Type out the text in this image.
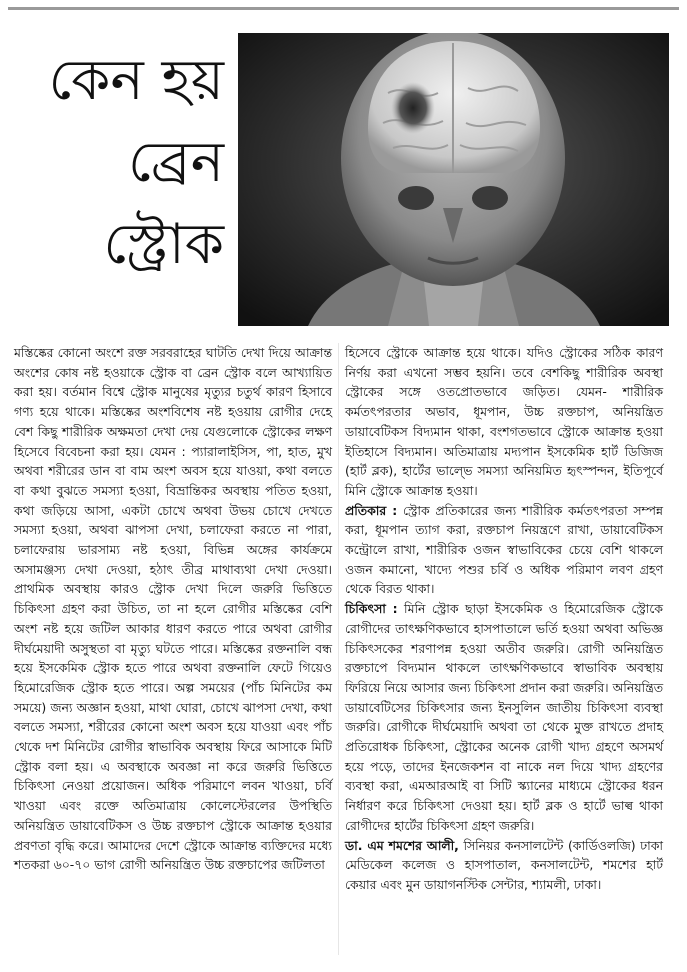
কেন হয়
ব্রেন
স্ট্রোক

মস্তিষ্কের কোনো অংশে রক্ত সরবরাহের ঘাটতি দেখা দিয়ে আক্রান্ত অংশের কোষ নষ্ট হওয়াকে স্ট্রোক বা ব্রেন স্ট্রোক বলে আখ্যায়িত করা হয়। বর্তমান বিশ্বে স্ট্রোক মানুষের মৃত্যুর চতুর্থ কারণ হিসাবে গণ্য হয়ে থাকে। মস্তিষ্কের অংশবিশেষ নষ্ট হওয়ায় রোগীর দেহে বেশ কিছু শারীরিক অক্ষমতা দেখা দেয় যেগুলোকে স্ট্রোকের লক্ষণ হিসেবে বিবেচনা করা হয়। যেমন : প্যারালাইসিস, পা, হাত, মুখ অথবা শরীরের ডান বা বাম অংশ অবস হয়ে যাওয়া, কথা বলতে বা কথা বুঝতে সমস্যা হওয়া, বিভ্রান্তিকর অবস্থায় পতিত হওয়া, কথা জড়িয়ে আসা, একটা চোখে অথবা উভয় চোখে দেখতে সমস্যা হওয়া, অথবা ঝাপসা দেখা, চলাফেরা করতে না পারা, চলাফেরায় ভারসাম্য নষ্ট হওয়া, বিভিন্ন অঙ্গের কার্যক্রমে অসামঞ্জস্য দেখা দেওয়া, হঠাৎ তীব্র মাথাব্যথা দেখা দেওয়া। প্রাথমিক অবস্থায় কারও স্ট্রোক দেখা দিলে জরুরি ভিত্তিতে চিকিৎসা গ্রহণ করা উচিত, তা না হলে রোগীর মস্তিষ্কের বেশি অংশ নষ্ট হয়ে জটিল আকার ধারণ করতে পারে অথবা রোগীর দীর্ঘমেয়াদী অসুস্থতা বা মৃত্যু ঘটতে পারে। মস্তিষ্কের রক্তনালি বন্ধ হয়ে ইসকেমিক স্ট্রোক হতে পারে অথবা রক্তনালি ফেটে গিয়েও হিমোরেজিক স্ট্রোক হতে পারে। অল্প সময়ের (পাঁচ মিনিটের কম সময়ে) জন্য অজ্ঞান হওয়া, মাথা ঘোরা, চোখে ঝাপসা দেখা, কথা বলতে সমস্যা, শরীরের কোনো অংশ অবস হয়ে যাওয়া এবং পাঁচ থেকে দশ মিনিটের রোগীর স্বাভাবিক অবস্থায় ফিরে আসাকে মিটি স্ট্রোক বলা হয়। এ অবস্থাকে অবজ্ঞা না করে জরুরি ভিত্তিতে চিকিৎসা নেওয়া প্রয়োজন। অধিক পরিমাণে লবন খাওয়া, চর্বি খাওয়া এবং রক্তে অতিমাত্রায় কোলেস্টেরলের উপস্থিতি অনিয়ন্ত্রিত ডায়াবেটিকস ও উচ্চ রক্তচাপ স্ট্রোকে আক্রান্ত হওয়ার প্রবণতা বৃদ্ধি করে। আমাদের দেশে স্ট্রোকে আক্রান্ত ব্যক্তিদের মধ্যে শতকরা ৬০-৭০ ভাগ রোগী অনিয়ন্ত্রিত উচ্চ রক্তচাপের জটিলতা

হিসেবে স্ট্রোকে আক্রান্ত হয়ে থাকে। যদিও স্ট্রোকের সঠিক কারণ নির্ণয় করা এখনো সম্ভব হয়নি। তবে বেশকিছু শারীরিক অবস্থা স্ট্রোকের সঙ্গে ওতপ্রোতভাবে জড়িত। যেমন- শারীরিক কর্মতৎপরতার অভাব, ধূমপান, উচ্চ রক্তচাপ, অনিয়ন্ত্রিত ডায়াবেটিকস বিদ্যমান থাকা, বংশগতভাবে স্ট্রোকে আক্রান্ত হওয়া ইতিহাসে বিদ্যমান। অতিমাত্রায় মদ্যপান ইসকেমিক হার্ট ডিজিজ (হার্ট ব্লক), হার্টের ভাল্ভে সমস্যা অনিয়মিত হৃৎস্পন্দন, ইতিপূর্বে মিনি স্ট্রোকে আক্রান্ত হওয়া।

প্রতিকার : স্ট্রোক প্রতিকারের জন্য শারীরিক কর্মতৎপরতা সম্পন্ন করা, ধূমপান ত্যাগ করা, রক্তচাপ নিয়ন্ত্রণে রাখা, ডায়াবেটিকস কন্ট্রোলে রাখা, শারীরিক ওজন স্বাভাবিকের চেয়ে বেশি থাকলে ওজন কমানো, খাদ্যে পশুর চর্বি ও অধিক পরিমাণ লবণ গ্রহণ থেকে বিরত থাকা।

চিকিৎসা : মিনি স্ট্রোক ছাড়া ইসকেমিক ও হিমোরেজিক স্ট্রোকে রোগীদের তাৎক্ষণিকভাবে হাসপাতালে ভর্তি হওয়া অথবা অভিজ্ঞ চিকিৎসকের শরণাপন্ন হওয়া অতীব জরুরি। রোগী অনিয়ন্ত্রিত রক্তচাপে বিদ্যমান থাকলে তাৎক্ষণিকভাবে স্বাভাবিক অবস্থায় ফিরিয়ে নিয়ে আসার জন্য চিকিৎসা প্রদান করা জরুরি। অনিয়ন্ত্রিত ডায়াবেটিসের চিকিৎসার জন্য ইনসুলিন জাতীয় চিকিৎসা ব্যবস্থা জরুরি। রোগীকে দীর্ঘমেয়াদি অথবা তা থেকে মুক্ত রাখতে প্রদাহ প্রতিরোধক চিকিৎসা, স্ট্রোকের অনেক রোগী খাদ্য গ্রহণে অসমর্থ হয়ে পড়ে, তাদের ইনজেকশন বা নাকে নল দিয়ে খাদ্য গ্রহণের ব্যবস্থা করা, এমআরআই বা সিটি স্ক্যানের মাধ্যমে স্ট্রোকের ধরন নির্ধারণ করে চিকিৎসা দেওয়া হয়। হার্ট ব্লক ও হার্টে ভাল্ব থাকা রোগীদের হার্টের চিকিৎসা গ্রহণ জরুরি।

ডা. এম শমশের আলী, সিনিয়র কনসালটেন্ট (কার্ডিওলজি) ঢাকা মেডিকেল কলেজ ও হাসপাতাল, কনসালটেন্ট, শমশের হার্ট কেয়ার এবং মুন ডায়াগনস্টিক সেন্টার, শ্যামলী, ঢাকা।
